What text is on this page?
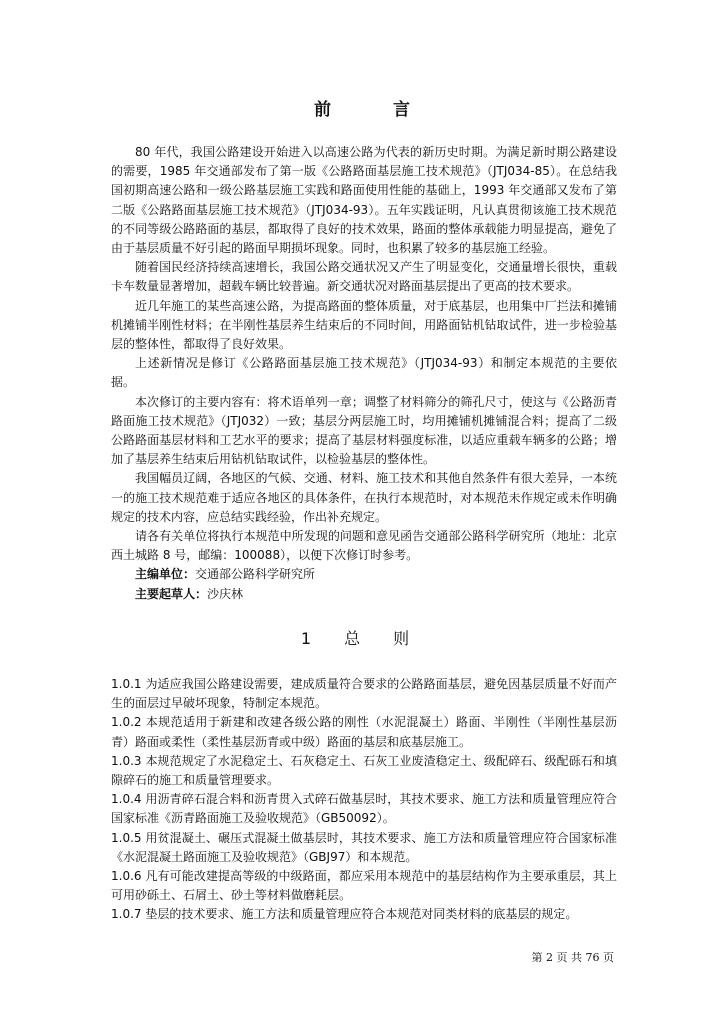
前 言

80 年代，我国公路建设开始进入以高速公路为代表的新历史时期。为满足新时期公路建设的需要，1985 年交通部发布了第一版《公路路面基层施工技术规范》（JTJ034-85）。在总结我国初期高速公路和一级公路基层施工实践和路面使用性能的基础上，1993 年交通部又发布了第二版《公路路面基层施工技术规范》（JTJ034-93）。五年实践证明，凡认真贯彻该施工技术规范的不同等级公路路面的基层，都取得了良好的技术效果，路面的整体承载能力明显提高，避免了由于基层质量不好引起的路面早期损坏现象。同时，也积累了较多的基层施工经验。

随着国民经济持续高速增长，我国公路交通状况又产生了明显变化，交通量增长很快，重载卡车数量显著增加，超载车辆比较普遍。新交通状况对路面基层提出了更高的技术要求。

近几年施工的某些高速公路，为提高路面的整体质量，对于底基层，也用集中厂拦法和摊铺机摊铺半刚性材料；在半刚性基层养生结束后的不同时间，用路面钻机钻取试件，进一步检验基层的整体性，都取得了良好效果。

上述新情况是修订《公路路面基层施工技术规范》（JTJ034-93）和制定本规范的主要依据。

本次修订的主要内容有：将术语单列一章；调整了材料筛分的筛孔尺寸，使这与《公路沥青路面施工技术规范》（JTJ032）一致；基层分两层施工时，均用摊铺机摊铺混合料；提高了二级公路路面基层材料和工艺水平的要求；提高了基层材料强度标准，以适应重载车辆多的公路；增加了基层养生结束后用钻机钻取试件，以检验基层的整体性。

我国幅员辽阔，各地区的气候、交通、材料、施工技术和其他自然条件有很大差异，一本统一的施工技术规范难于适应各地区的具体条件，在执行本规范时，对本规范未作规定或未作明确规定的技术内容，应总结实践经验，作出补充规定。

请各有关单位将执行本规范中所发现的问题和意见函告交通部公路科学研究所（地址：北京西土城路 8 号，邮编：100088），以便下次修订时参考。

主编单位：交通部公路科学研究所
主要起草人：沙庆林
1 总 则

1.0.1 为适应我国公路建设需要，建成质量符合要求的公路路面基层，避免因基层质量不好而产生的面层过早破坏现象，特制定本规范。

1.0.2 本规范适用于新建和改建各级公路的刚性（水泥混凝土）路面、半刚性（半刚性基层沥青）路面或柔性（柔性基层沥青或中级）路面的基层和底基层施工。

1.0.3 本规范规定了水泥稳定土、石灰稳定土、石灰工业废渣稳定土、级配碎石、级配砾石和填隙碎石的施工和质量管理要求。

1.0.4 用沥青碎石混合料和沥青贯入式碎石做基层时，其技术要求、施工方法和质量管理应符合国家标准《沥青路面施工及验收规范》（GB50092）。

1.0.5 用贫混凝土、碾压式混凝土做基层时，其技术要求、施工方法和质量管理应符合国家标准《水泥混凝土路面施工及验收规范》（GBJ97）和本规范。

1.0.6 凡有可能改建提高等级的中级路面，都应采用本规范中的基层结构作为主要承重层，其上可用砂砾土、石屑土、砂土等材料做磨耗层。

1.0.7 垫层的技术要求、施工方法和质量管理应符合本规范对同类材料的底基层的规定。

第 2 页 共 76 页
